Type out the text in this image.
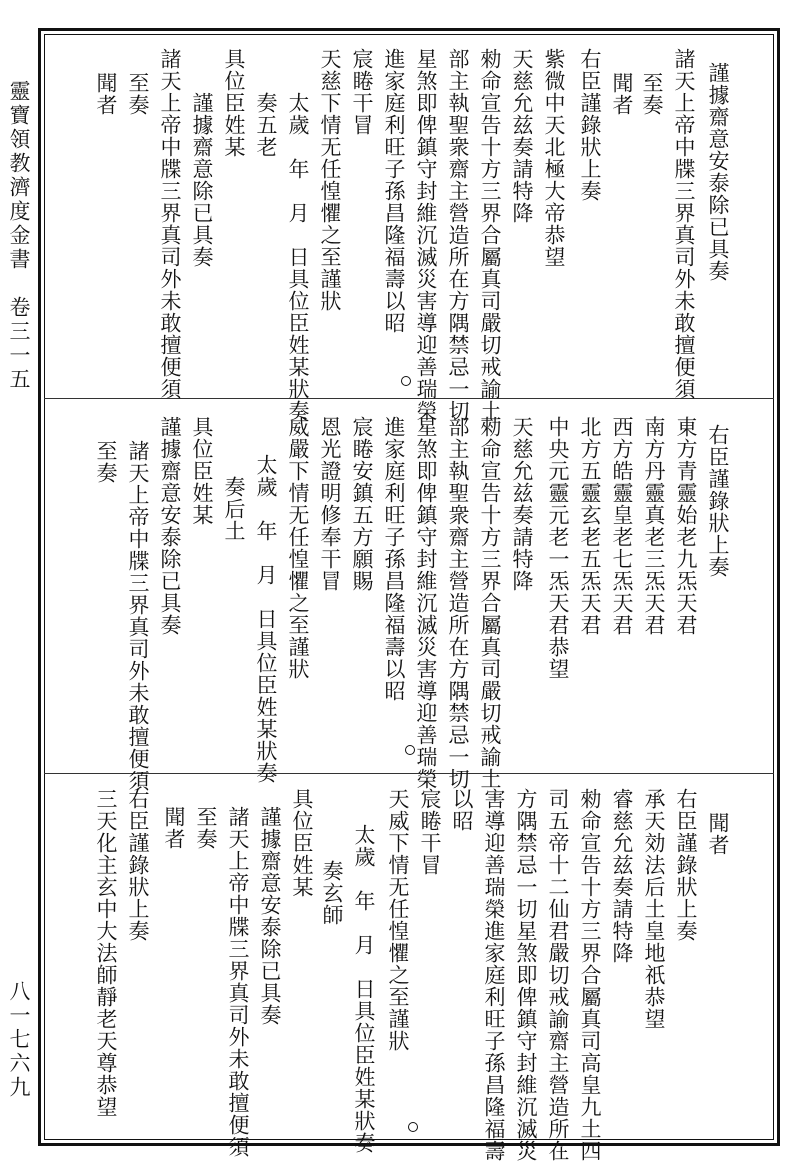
靈寶領教濟度金書　卷三一五
八一七六九
謹據齋意安泰除已具奏
諸天上帝中牒三界真司外未敢擅便須
至奏
聞者
右臣謹錄狀上奏
紫微中天北極大帝恭望
天慈允兹奏請特降
勑命宣告十方三界合屬真司嚴切戒諭土
部主執聖衆齋主營造所在方隅禁忌一切
星煞即俾鎮守封維沉滅災害導迎善瑞榮
進家庭利旺子孫昌隆福壽以昭
宸睠干冒
天慈下情无任惶懼之至謹狀
太歲　年　月　日具位臣姓某狀奏
奏五老
具位臣姓某
謹據齋意除已具奏
諸天上帝中牒三界真司外未敢擅便須
至奏
聞者
右臣謹錄狀上奏
東方青靈始老九炁天君
南方丹靈真老三炁天君
西方皓靈皇老七炁天君
北方五靈玄老五炁天君
中央元靈元老一炁天君恭望
天慈允兹奏請特降
勑命宣告十方三界合屬真司嚴切戒諭土
部主執聖衆齋主營造所在方隅禁忌一切
星煞即俾鎮守封維沉滅災害導迎善瑞榮
進家庭利旺子孫昌隆福壽以昭
宸睠安鎮五方願賜
恩光證明修奉干冒
威嚴下情无任惶懼之至謹狀
太歲　年　月　日具位臣姓某狀奏
奏后土
具位臣姓某
謹據齋意安泰除已具奏
諸天上帝中牒三界真司外未敢擅便須
至奏
聞者
右臣謹錄狀上奏
承天効法后土皇地祇恭望
睿慈允兹奏請特降
勑命宣告十方三界合屬真司高皇九土四
司五帝十二仙君嚴切戒諭齋主營造所在
方隅禁忌一切星煞即俾鎮守封維沉滅災
害導迎善瑞榮進家庭利旺子孫昌隆福壽
以昭
宸睠干冒
天威下情无任惶懼之至謹狀
太歲　年　月　日具位臣姓某狀奏
奏玄師
具位臣姓某
謹據齋意安泰除已具奏
諸天上帝中牒三界真司外未敢擅便須
至奏
聞者
右臣謹錄狀上奏
三天化主玄中大法師靜老天尊恭望
